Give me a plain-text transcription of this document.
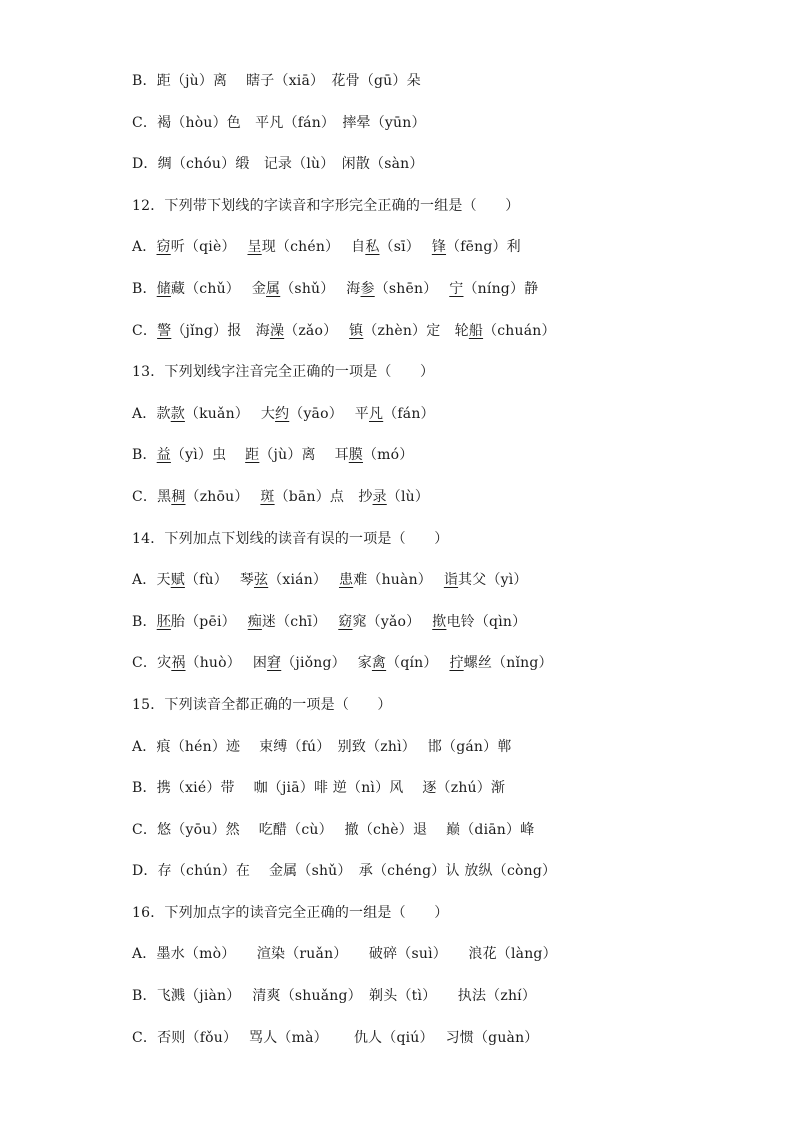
B．距（jù）离　 瞎子（xiā）　花骨（gū）朵
C．褐（hòu）色　平凡（fán）　摔晕（yūn）
D．绸（chóu）缎　记录（lù）　闲散（sàn）
12．下列带下划线的字读音和字形完全正确的一组是（　　）
A．窃听（qiè）　 呈现（chén）　 自私（sī）　 锋（fēng）利
B．储藏（chǔ）　 金属（shǔ）　 海参（shēn）　 宁（níng）静
C．警（jǐng）报　海澡（zǎo）　 镇（zhèn）定　轮船（chuán）
13．下列划线字注音完全正确的一项是（　　）
A．款款（kuǎn）　 大约（yāo）　 平凡（fán）
B．益（yì）虫　 距（jù）离　 耳膜（mó）
C．黑稠（zhōu）　 斑（bān）点　抄录（lù）
14．下列加点下划线的读音有误的一项是（　　）
A．天赋（fù）　 琴弦（xián）　 患难（huàn）　 诣其父（yì）
B．胚胎（pēi）　 痴迷（chī）　 窈窕（yǎo）　 揿电铃（qìn）
C．灾祸（huò）　 困窘（jiǒng）　 家禽（qín）　 拧螺丝（nǐng）
15．下列读音全都正确的一项是（　　）
A．痕（hén）迹　 束缚（fú）　别致（zhì）　 邯（gán）郸
B．携（xié）带　 咖（jiā）啡 逆（nì）风　 逐（zhú）渐
C．悠（yōu）然　 吃醋（cù）　 撤（chè）退　 巅（diān）峰
D．存（chún）在　 金属（shǔ）　承（chéng）认 放纵（còng）
16．下列加点字的读音完全正确的一组是（　　）
A．墨水（mò）　　渲染（ruǎn）　　破碎（suì）　　浪花（làng）
B．飞溅（jiàn）　 清爽（shuǎng）　剃头（tì）　　执法（zhí）
C．否则（fǒu）　 骂人（mà）　　 仇人（qiú）　 习惯（guàn）
